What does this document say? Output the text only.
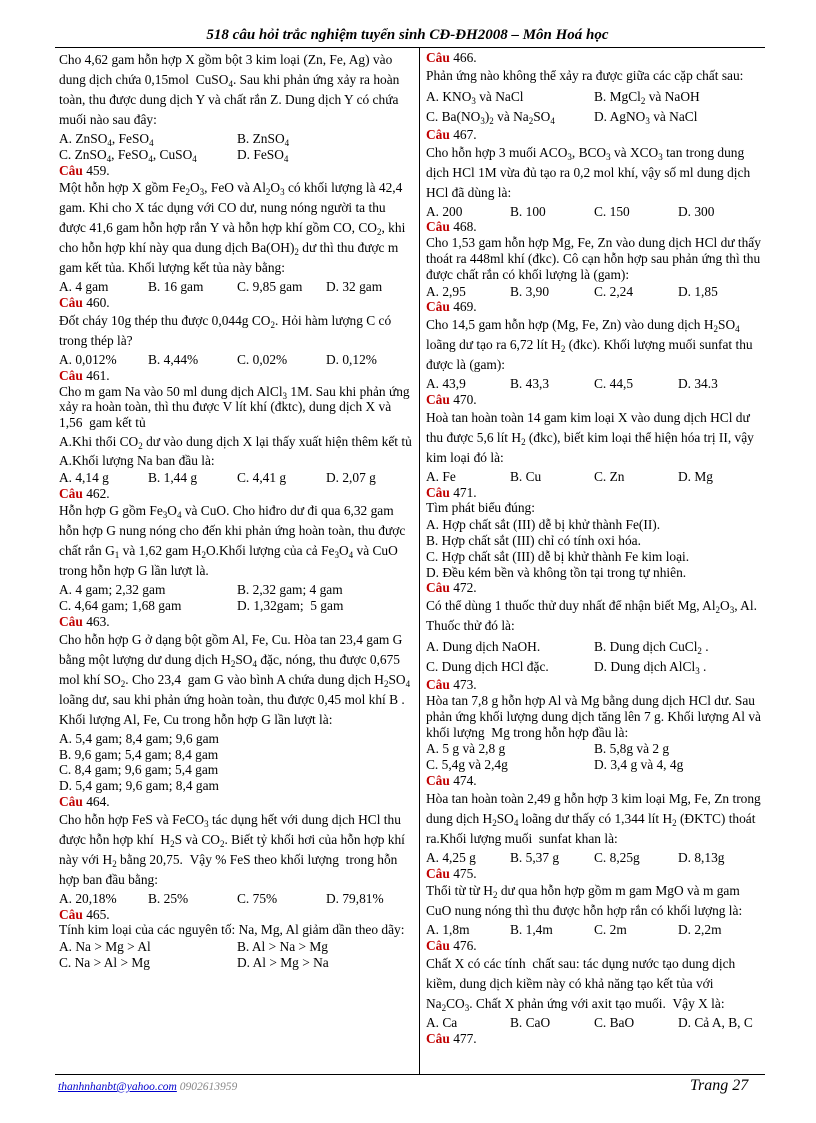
518 câu hỏi trắc nghiệm tuyển sinh CĐ-ĐH2008 – Môn Hoá học

Cho 4,62 gam hỗn hợp X gồm bột 3 kim loại (Zn, Fe, Ag) vào dung dịch chứa 0,15mol  CuSO$_4$. Sau khi phản ứng xảy ra hoàn toàn, thu được dung dịch Y và chất rắn Z. Dung dịch Y có chứa muối nào sau đây:

A. ZnSO$_4$, FeSO$_4$	B. ZnSO$_4$
C. ZnSO$_4$, FeSO$_4$, CuSO$_4$	D. FeSO$_4$
Câu 459.

Một hỗn hợp X gồm $Fe_2O_3$, FeO và $Al_2O_3$ có khối lượng là 42,4 gam. Khi cho X tác dụng với CO dư, nung nóng người ta thu được 41,6 gam hỗn hợp rắn Y và hỗn hợp khí gồm CO, $CO_2$, khi cho hỗn hợp khí này qua dung dịch $Ba(OH)_2$ dư thì thu được m gam kết tủa. Khối lượng kết tủa này bằng:

A. 4 gam	B. 16 gam	C. 9,85 gam	D. 32 gam
Câu 460.

Đốt cháy 10g thép thu được 0,044g $CO_2$. Hỏi hàm lượng C có trong thép là?

A. 0,012%	B. 4,44%	C. 0,02%	D. 0,12%
Câu 461.

Cho m gam Na vào 50 ml dung dịch AlCl$_3$ 1M. Sau khi phản ứng xảy ra hoàn toàn, thì thu được V lít khí (đktc), dung dịch X và 1,56  gam kết tủ

A.Khi thổi $CO_2$ dư vào dung dịch X lại thấy xuất hiện thêm kết tủ

A.Khối lượng Na ban đầu là:

A. 4,14 g	B. 1,44 g	C. 4,41 g	D. 2,07 g
Câu 462.

Hỗn hợp G gồm $Fe_3O_4$ và CuO. Cho hiđro dư đi qua 6,32 gam hỗn hợp G nung nóng cho đến khi phản ứng hoàn toàn, thu được chất rắn $G_1$ và 1,62 gam $H_2O.Khối$ lượng của cả $Fe_3O_4$ và CuO trong hỗn hợp G lần lượt là.

A. 4 gam; 2,32 gam	B. 2,32 gam; 4 gam
C. 4,64 gam; 1,68 gam	D. 1,32gam;  5 gam
Câu 463.

Cho hỗn hợp G ở dạng bột gồm Al, Fe, Cu. Hòa tan 23,4 gam G bằng một lượng dư dung dịch $H_2SO_4$ đặc, nóng, thu được 0,675 mol khí $SO_2$. Cho 23,4  gam G vào bình A chứa dung dịch $H_2SO_4$ loãng dư, sau khi phản ứng hoàn toàn, thu được 0,45 mol khí B . Khối lượng Al, Fe, Cu trong hỗn hợp G lần lượt là:

A. 5,4 gam; 8,4 gam; 9,6 gam
B. 9,6 gam; 5,4 gam; 8,4 gam
C. 8,4 gam; 9,6 gam; 5,4 gam
D. 5,4 gam; 9,6 gam; 8,4 gam
Câu 464.

Cho hỗn hợp FeS và FeCO$_3$ tác dụng hết với dung dịch HCl thu được hỗn hợp khí  $H_2S$ và $CO_2$. Biết tỷ khối hơi của hỗn hợp khí này với $H_2$ bằng 20,75.  Vậy % FeS theo khối lượng  trong hỗn hợp ban đầu bằng:

A. 20,18%	B. 25%	C. 75%	D. 79,81%
Câu 465.

Tính kim loại của các nguyên tố: Na, Mg, Al giảm dần theo dãy:

A. Na > Mg > Al	B. Al > Na > Mg
C. Na > Al > Mg	D. Al > Mg > Na
Câu 466.

Phản ứng nào không thể xảy ra được giữa các cặp chất sau:

A. $KNO_3$ và NaCl	B. MgCl$_2$ và NaOH
C. $Ba(NO_3)_2$ và $Na_2SO_4$	D. AgNO$_3$ và NaCl
Câu 467.

Cho hỗn hợp 3 muối $ACO_3$, $BCO_3$ và $XCO_3$ tan trong dung dịch HCl 1M vừa đủ tạo ra 0,2 mol khí, vậy số ml dung dịch HCl đã dùng là:

A. 200	B. 100	C. 150	D. 300
Câu 468.

Cho 1,53 gam hỗn hợp Mg, Fe, Zn vào dung dịch HCl dư thấy thoát ra 448ml khí (đkc). Cô cạn hỗn hợp sau phản ứng thì thu được chất rắn có khối lượng là (gam):

A. 2,95	B. 3,90	C. 2,24	D. 1,85
Câu 469.

Cho 14,5 gam hỗn hợp (Mg, Fe, Zn) vào dung dịch $H_2SO_4$ loãng dư tạo ra 6,72 lít $H_2$ (đkc). Khối lượng muối sunfat thu được là (gam):

A. 43,9	B. 43,3	C. 44,5	D. 34.3
Câu 470.

Hoà tan hoàn toàn 14 gam kim loại X vào dung dịch HCl dư thu được 5,6 lít $H_2$ (đkc), biết kim loại thể hiện hóa trị II, vậy kim loại đó là:

A. Fe	B. Cu	C. Zn	D. Mg
Câu 471.

Tìm phát biểu đúng:

A. Hợp chất sắt (III) dễ bị khử thành Fe(II).
B. Hợp chất sắt (III) chỉ có tính oxi hóa.
C. Hợp chất sắt (III) dễ bị khử thành Fe kim loại.
D. Đều kém bền và không tồn tại trong tự nhiên.
Câu 472.

Có thể dùng 1 thuốc thử duy nhất để nhận biết Mg, $Al_2O_3$, Al. Thuốc thử đó là:

A. Dung dịch NaOH.	B. Dung dịch CuCl$_2$ .
C. Dung dịch HCl đặc.	D. Dung dịch AlCl$_3$ .
Câu 473.

Hòa tan 7,8 g hỗn hợp Al và Mg bằng dung dịch HCl dư. Sau phản ứng khối lượng dung dịch tăng lên 7 g. Khối lượng Al và khối lượng  Mg trong hỗn hợp đầu là:

A. 5 g và 2,8 g	B. 5,8g và 2 g
C. 5,4g và 2,4g	D. 3,4 g và 4, 4g
Câu 474.

Hòa tan hoàn toàn 2,49 g hỗn hợp 3 kim loại Mg, Fe, Zn trong dung dịch $H_2SO_4$ loãng dư thấy có 1,344 lít $H_2$ (ĐKTC) thoát ra.Khối lượng muối  sunfat khan là:

A. 4,25 g	B. 5,37 g	C. 8,25g	D. 8,13g
Câu 475.

Thổi từ từ $H_2$ dư qua hỗn hợp gồm m gam MgO và m gam CuO nung nóng thì thu được hỗn hợp rắn có khối lượng là:

A. 1,8m	B. 1,4m	C. 2m	D. 2,2m
Câu 476.

Chất X có các tính  chất sau: tác dụng nước tạo dung dịch kiềm, dung dịch kiềm này có khả năng tạo kết tủa với $Na_2CO_3$. Chất X phản ứng với axit tạo muối.  Vậy X là:

A. Ca	B. CaO	C. BaO	D. Cả A, B, C
Câu 477.
thanhnhanbt@yahoo.com 0902613959	Trang 27
